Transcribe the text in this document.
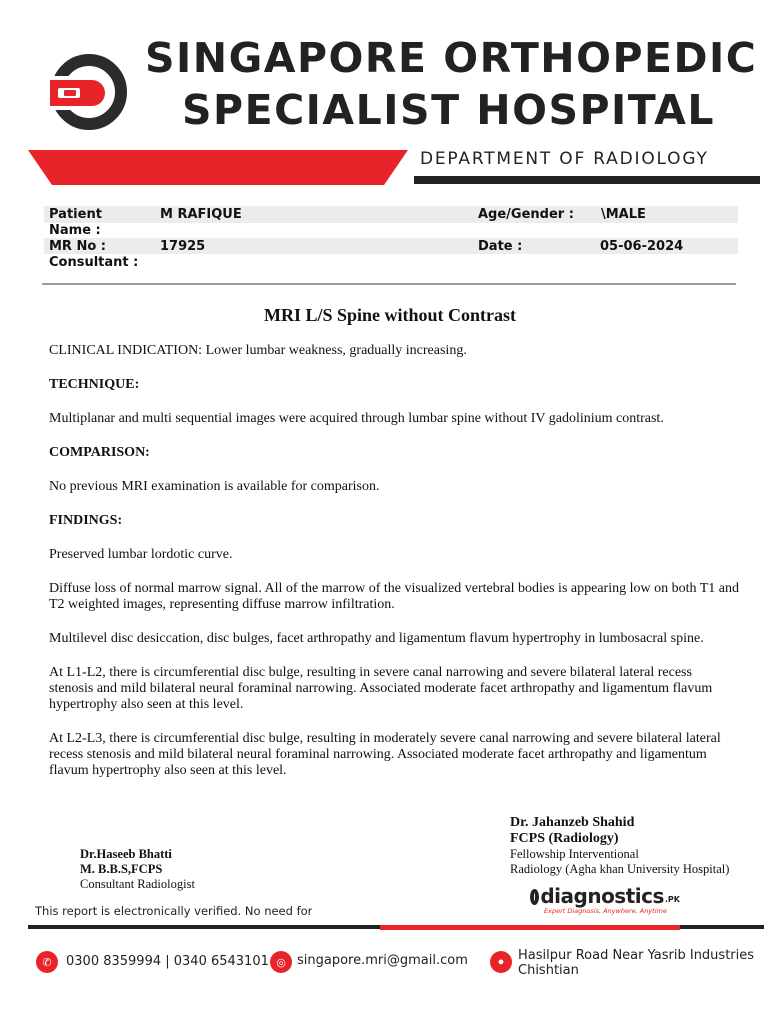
SINGAPORE ORTHOPEDIC
SPECIALIST HOSPITAL
DEPARTMENT OF RADIOLOGY
Patient Name :
M RAFIQUE	Age/Gender : \MALE
MR No :	17925	Date :	05-06-2024
Consultant :
MRI L/S Spine without Contrast

CLINICAL INDICATION: Lower lumbar weakness, gradually increasing.

TECHNIQUE:

Multiplanar and multi sequential images were acquired through lumbar spine without IV gadolinium contrast.

COMPARISON:

No previous MRI examination is available for comparison.

FINDINGS:

Preserved lumbar lordotic curve.

Diffuse loss of normal marrow signal. All of the marrow of the visualized vertebral bodies is appearing low on both T1 and T2 weighted images, representing diffuse marrow infiltration.

Multilevel disc desiccation, disc bulges, facet arthropathy and ligamentum flavum hypertrophy in lumbosacral spine.

At L1-L2, there is circumferential disc bulge, resulting in severe canal narrowing and severe bilateral lateral recess stenosis and mild bilateral neural foraminal narrowing. Associated moderate facet arthropathy and ligamentum flavum hypertrophy also seen at this level.

At L2-L3, there is circumferential disc bulge, resulting in moderately severe canal narrowing and severe bilateral lateral recess stenosis and mild bilateral neural foraminal narrowing. Associated moderate facet arthropathy and ligamentum flavum hypertrophy also seen at this level.

Dr.Haseeb Bhatti
M. B.B.S,FCPS
Consultant Radiologist
Dr. Jahanzeb Shahid
FCPS (Radiology)
Fellowship Interventional
Radiology (Agha khan University Hospital)
diagnostics .PK
Expert Diagnosis, Anywhere, Anytime
This report is electronically verified. No need for
✆	0300 8359994 | 0340 6543101 ◎ singapore.mri@gmail.com	●	Hasilpur Road Near Yasrib Industries
Chishtian
